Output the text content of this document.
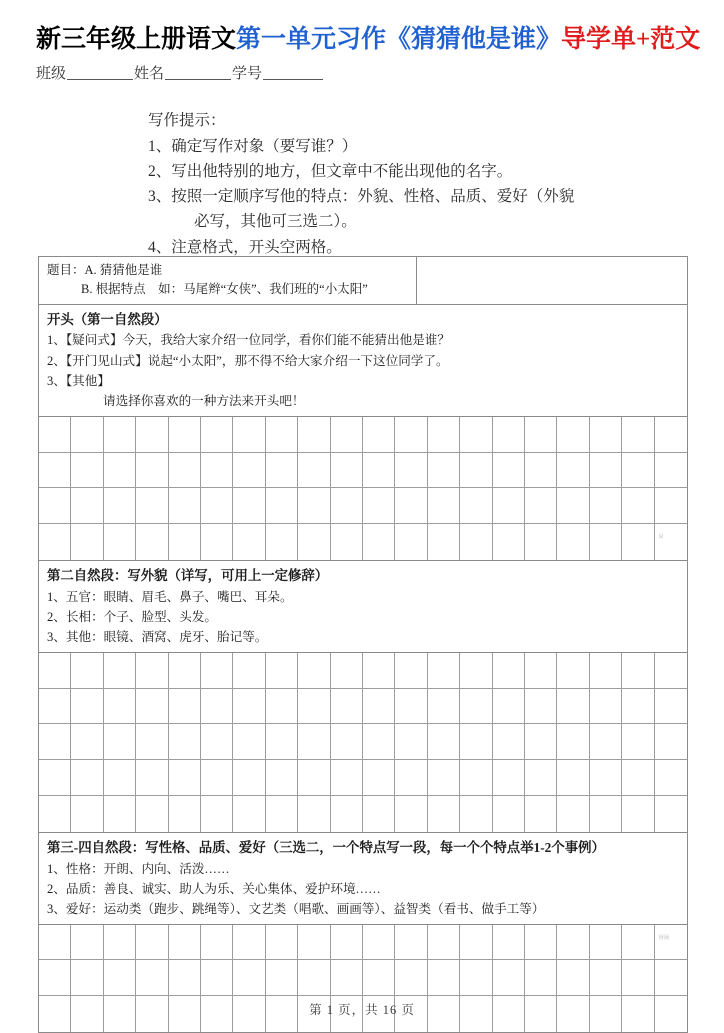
新三年级上册语文第一单元习作《猜猜他是谁》导学单+范文
班级	姓名	学号
写作提示：
1、确定写作对象（要写谁？）
2、写出他特别的地方，但文章中不能出现他的名字。
3、按照一定顺序写他的特点：外貌、性格、品质、爱好（外貌
必写，其他可三选二）。
4、注意格式，开头空两格。
题目：A. 猜猜他是谁
B. 根据特点　如：马尾辫“女侠”、我们班的“小太阳”
开头（第一自然段）
1、【疑问式】今天，我给大家介绍一位同学，看你们能不能猜出他是谁？
2、【开门见山式】说起“小太阳”，那不得不给大家介绍一下这位同学了。
3、【其他】
请选择你喜欢的一种方法来开头吧！
囧
第二自然段：写外貌（详写，可用上一定修辞）
1、五官：眼睛、眉毛、鼻子、嘴巴、耳朵。
2、长相：个子、脸型、头发。
3、其他：眼镜、酒窝、虎牙、胎记等。
第三-四自然段：写性格、品质、爱好（三选二，一个特点写一段，每一个个特点举1-2个事例）
1、性格：开朗、内向、活泼……
2、品质：善良、诚实、助人为乐、关心集体、爱护环境……
3、爱好：运动类（跑步、跳绳等）、文艺类（唱歌、画画等）、益智类（看书、做手工等）
囫圇
第 1 页，共 16 页
